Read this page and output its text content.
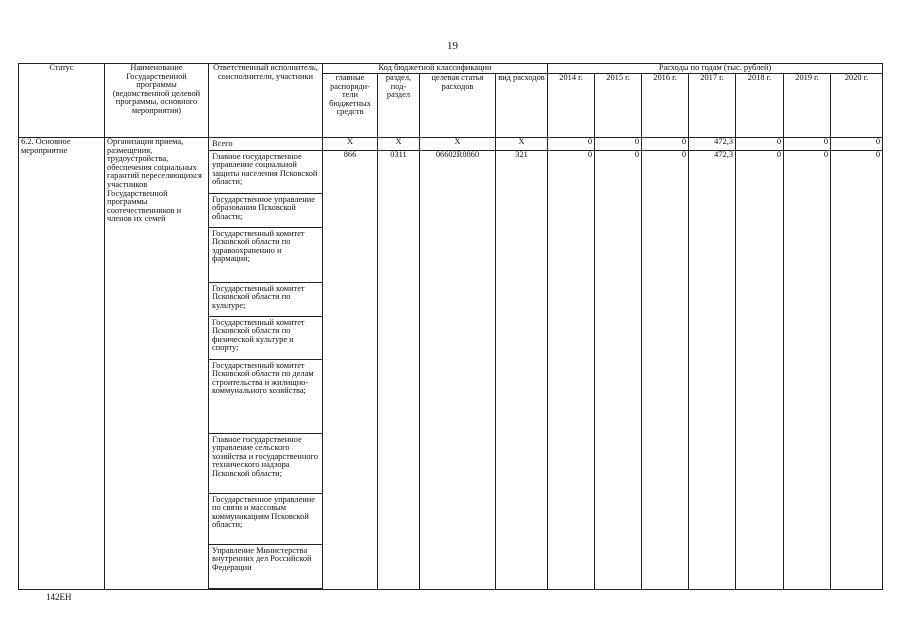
19
Статус	Наименование Государственной программы (ведомственной целевой программы, основного мероприятия)	Ответственный исполнитель, соисполнители, участники	Код бюджетной классификации				Расходы по годам (тыс. рублей)						
			главные распоряди-тели бюджетных средств	раздел, под-раздел	целевая статья расходов	вид расходов	2014 г.	2015 г.	2016 г.	2017 г.	2018 г.	2019 г.	2020 г.
6.2. Основное мероприятие	Организация приема, размещения, трудоустройства, обеспечения социальных гарантий переселяющихся участников Государственной программы соотечественников и членов их семей	Всего	X	X	X	X	0	0	0	472,3	0	0	0
		Главное государственное управление социальной защиты населения Псковской области;	866	0311	06602R0860	321	0	0	0	472,3	0	0	0
		Государственное управление образования Псковской области;											
		Государственный комитет Псковской области по здравоохранению и фармации;											
		Государственный комитет Псковской области по культуре;											
		Государственный комитет Псковской области по физической культуре и спорту;											
		Государственный комитет Псковской области по делам строительства и жилищно-коммунального хозяйства;											
		Главное государственное управление сельского хозяйства и государственного технического надзора Псковской области;											
		Государственное управление по связи и массовым коммуникациям Псковской области;											
		Управление Министерства внутренних дел Российской Федерации											

142ЕН
